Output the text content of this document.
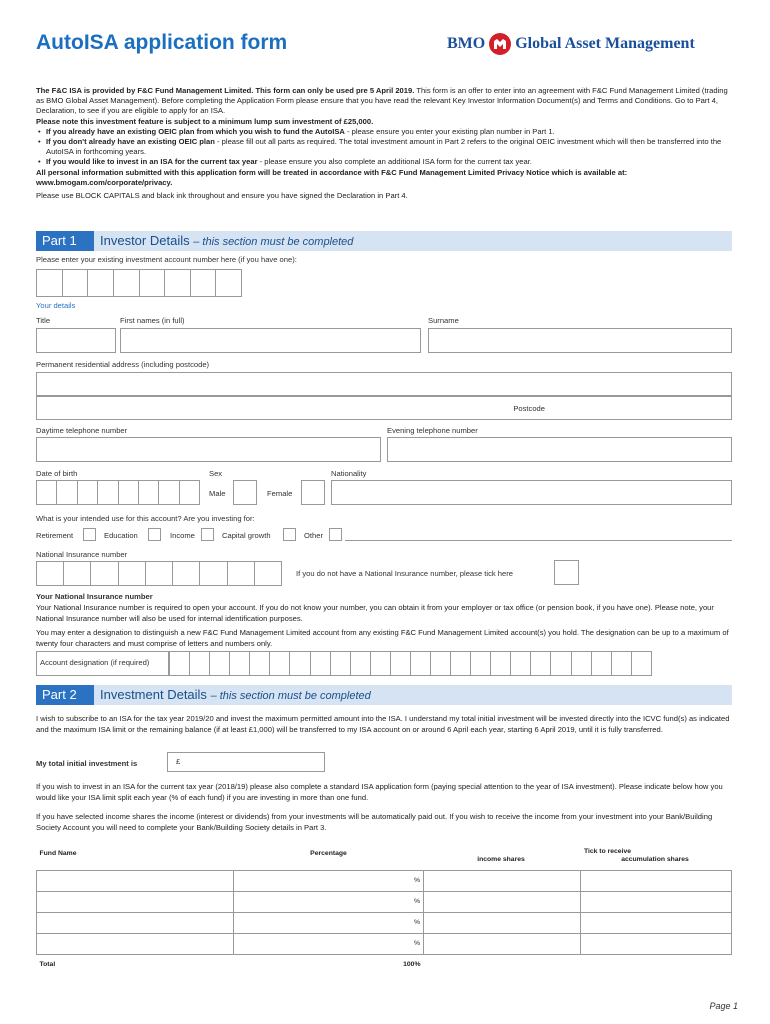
AutoISA application form	BMO Global Asset Management

The F&C ISA is provided by F&C Fund Management Limited. This form can only be used pre 5 April 2019. This form is an offer to enter into an agreement with F&C Fund Management Limited (trading as BMO Global Asset Management). Before completing the Application Form please ensure that you have read the relevant Key Investor Information Document(s) and Terms and Conditions. Go to Part 4, Declaration, to see if you are eligible to apply for an ISA.

Please note this investment feature is subject to a minimum lump sum investment of £25,000.

• If you already have an existing OEIC plan from which you wish to fund the AutoISA - please ensure you enter your existing plan number in Part 1.

• If you don't already have an existing OEIC plan - please fill out all parts as required. The total investment amount in Part 2 refers to the original OEIC investment which will then be transferred into the AutoISA in forthcoming years.

• If you would like to invest in an ISA for the current tax year - please ensure you also complete an additional ISA form for the current tax year.

All personal information submitted with this application form will be treated in accordance with F&C Fund Management Limited Privacy Notice which is available at: www.bmogam.com/corporate/privacy.

Please use BLOCK CAPITALS and black ink throughout and ensure you have signed the Declaration in Part 4.

Part 1	Investor Details – this section must be completed
Please enter your existing investment account number here (if you have one):
Your details
Title	First names (in full)	Surname
Permanent residential address (including postcode)
Postcode
Daytime telephone number	Evening telephone number
Date of birth	Sex	Nationality
Male	Female
What is your intended use for this account? Are you investing for:
Retirement	Education	Income	Capital growth	Other
National Insurance number
If you do not have a National Insurance number, please tick here
Your National Insurance number
Your National Insurance number is required to open your account. If you do not know your number, you can obtain it from your employer or tax office (or pension book, if you have one). Please note, your National Insurance number will also be used for internal identification purposes.
You may enter a designation to distinguish a new F&C Fund Management Limited account from any existing F&C Fund Management Limited account(s) you hold. The designation can be up to a maximum of twenty four characters and must comprise of letters and numbers only.
Account designation (if required)
Part 2	Investment Details – this section must be completed
I wish to subscribe to an ISA for the tax year 2019/20 and invest the maximum permitted amount into the ISA. I understand my total initial investment will be invested directly into the ICVC fund(s) as indicated and the maximum ISA limit or the remaining balance (if at least £1,000) will be transferred to my ISA account on or around 6 April each year, starting 6 April 2019, until it is fully transferred.
My total initial investment is	£
If you wish to invest in an ISA for the current tax year (2018/19) please also complete a standard ISA application form (paying special attention to the year of ISA investment). Please indicate below how you would like your ISA limit split each year (% of each fund) if you are investing in more than one fund.
If you have selected income shares the income (interest or dividends) from your investments will be automatically paid out. If you wish to receive the income from your investment into your Bank/Building Society Account you will need to complete your Bank/Building Society details in Part 3.
Fund Name	Percentage	Tick to receive
income shares accumulation shares	

	%		
	%		
	%		
	%		
Total	100%		
Page 1
